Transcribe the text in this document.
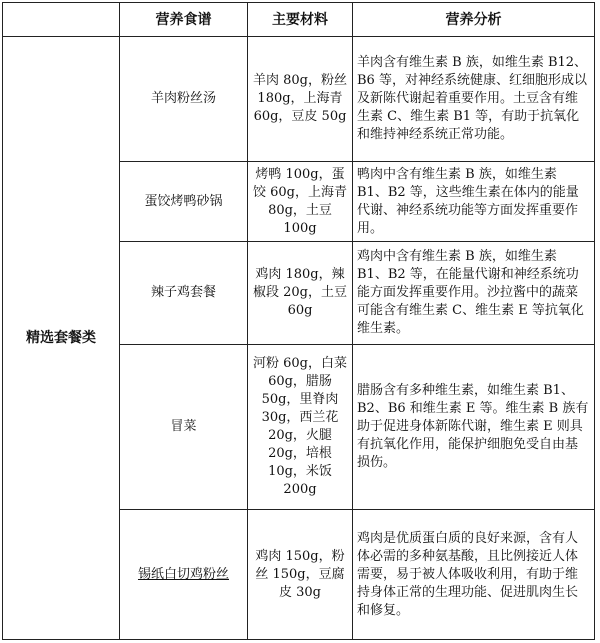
	营养食谱	主要材料	营养分析
精选套餐类	羊肉粉丝汤	羊肉 80g，粉丝 180g，上海青 60g，豆皮 50g	羊肉含有维生素 B 族，如维生素 B12、B6 等，对神经系统健康、红细胞形成以及新陈代谢起着重要作用。土豆含有维生素 C、维生素 B1 等，有助于抗氧化和维持神经系统正常功能。
	蛋饺烤鸭砂锅	烤鸭 100g，蛋饺 60g，上海青 80g，土豆 100g	鸭肉中含有维生素 B 族，如维生素 B1、B2 等，这些维生素在体内的能量代谢、神经系统功能等方面发挥重要作用。
	辣子鸡套餐	鸡肉 180g，辣椒段 20g，土豆 60g	鸡肉中含有维生素 B 族，如维生素 B1、B2 等，在能量代谢和神经系统功能方面发挥重要作用。沙拉酱中的蔬菜可能含有维生素 C、维生素 E 等抗氧化维生素。
	冒菜	河粉 60g，白菜 60g，腊肠 50g，里脊肉 30g，西兰花 20g，火腿 20g，培根 10g，米饭 200g	腊肠含有多种维生素，如维生素 B1、B2、B6 和维生素 E 等。维生素 B 族有助于促进身体新陈代谢，维生素 E 则具有抗氧化作用，能保护细胞免受自由基损伤。
	锡纸白切鸡粉丝	鸡肉 150g，粉丝 150g，豆腐皮 30g	鸡肉是优质蛋白质的良好来源，含有人体必需的多种氨基酸，且比例接近人体需要，易于被人体吸收利用，有助于维持身体正常的生理功能、促进肌肉生长和修复。
